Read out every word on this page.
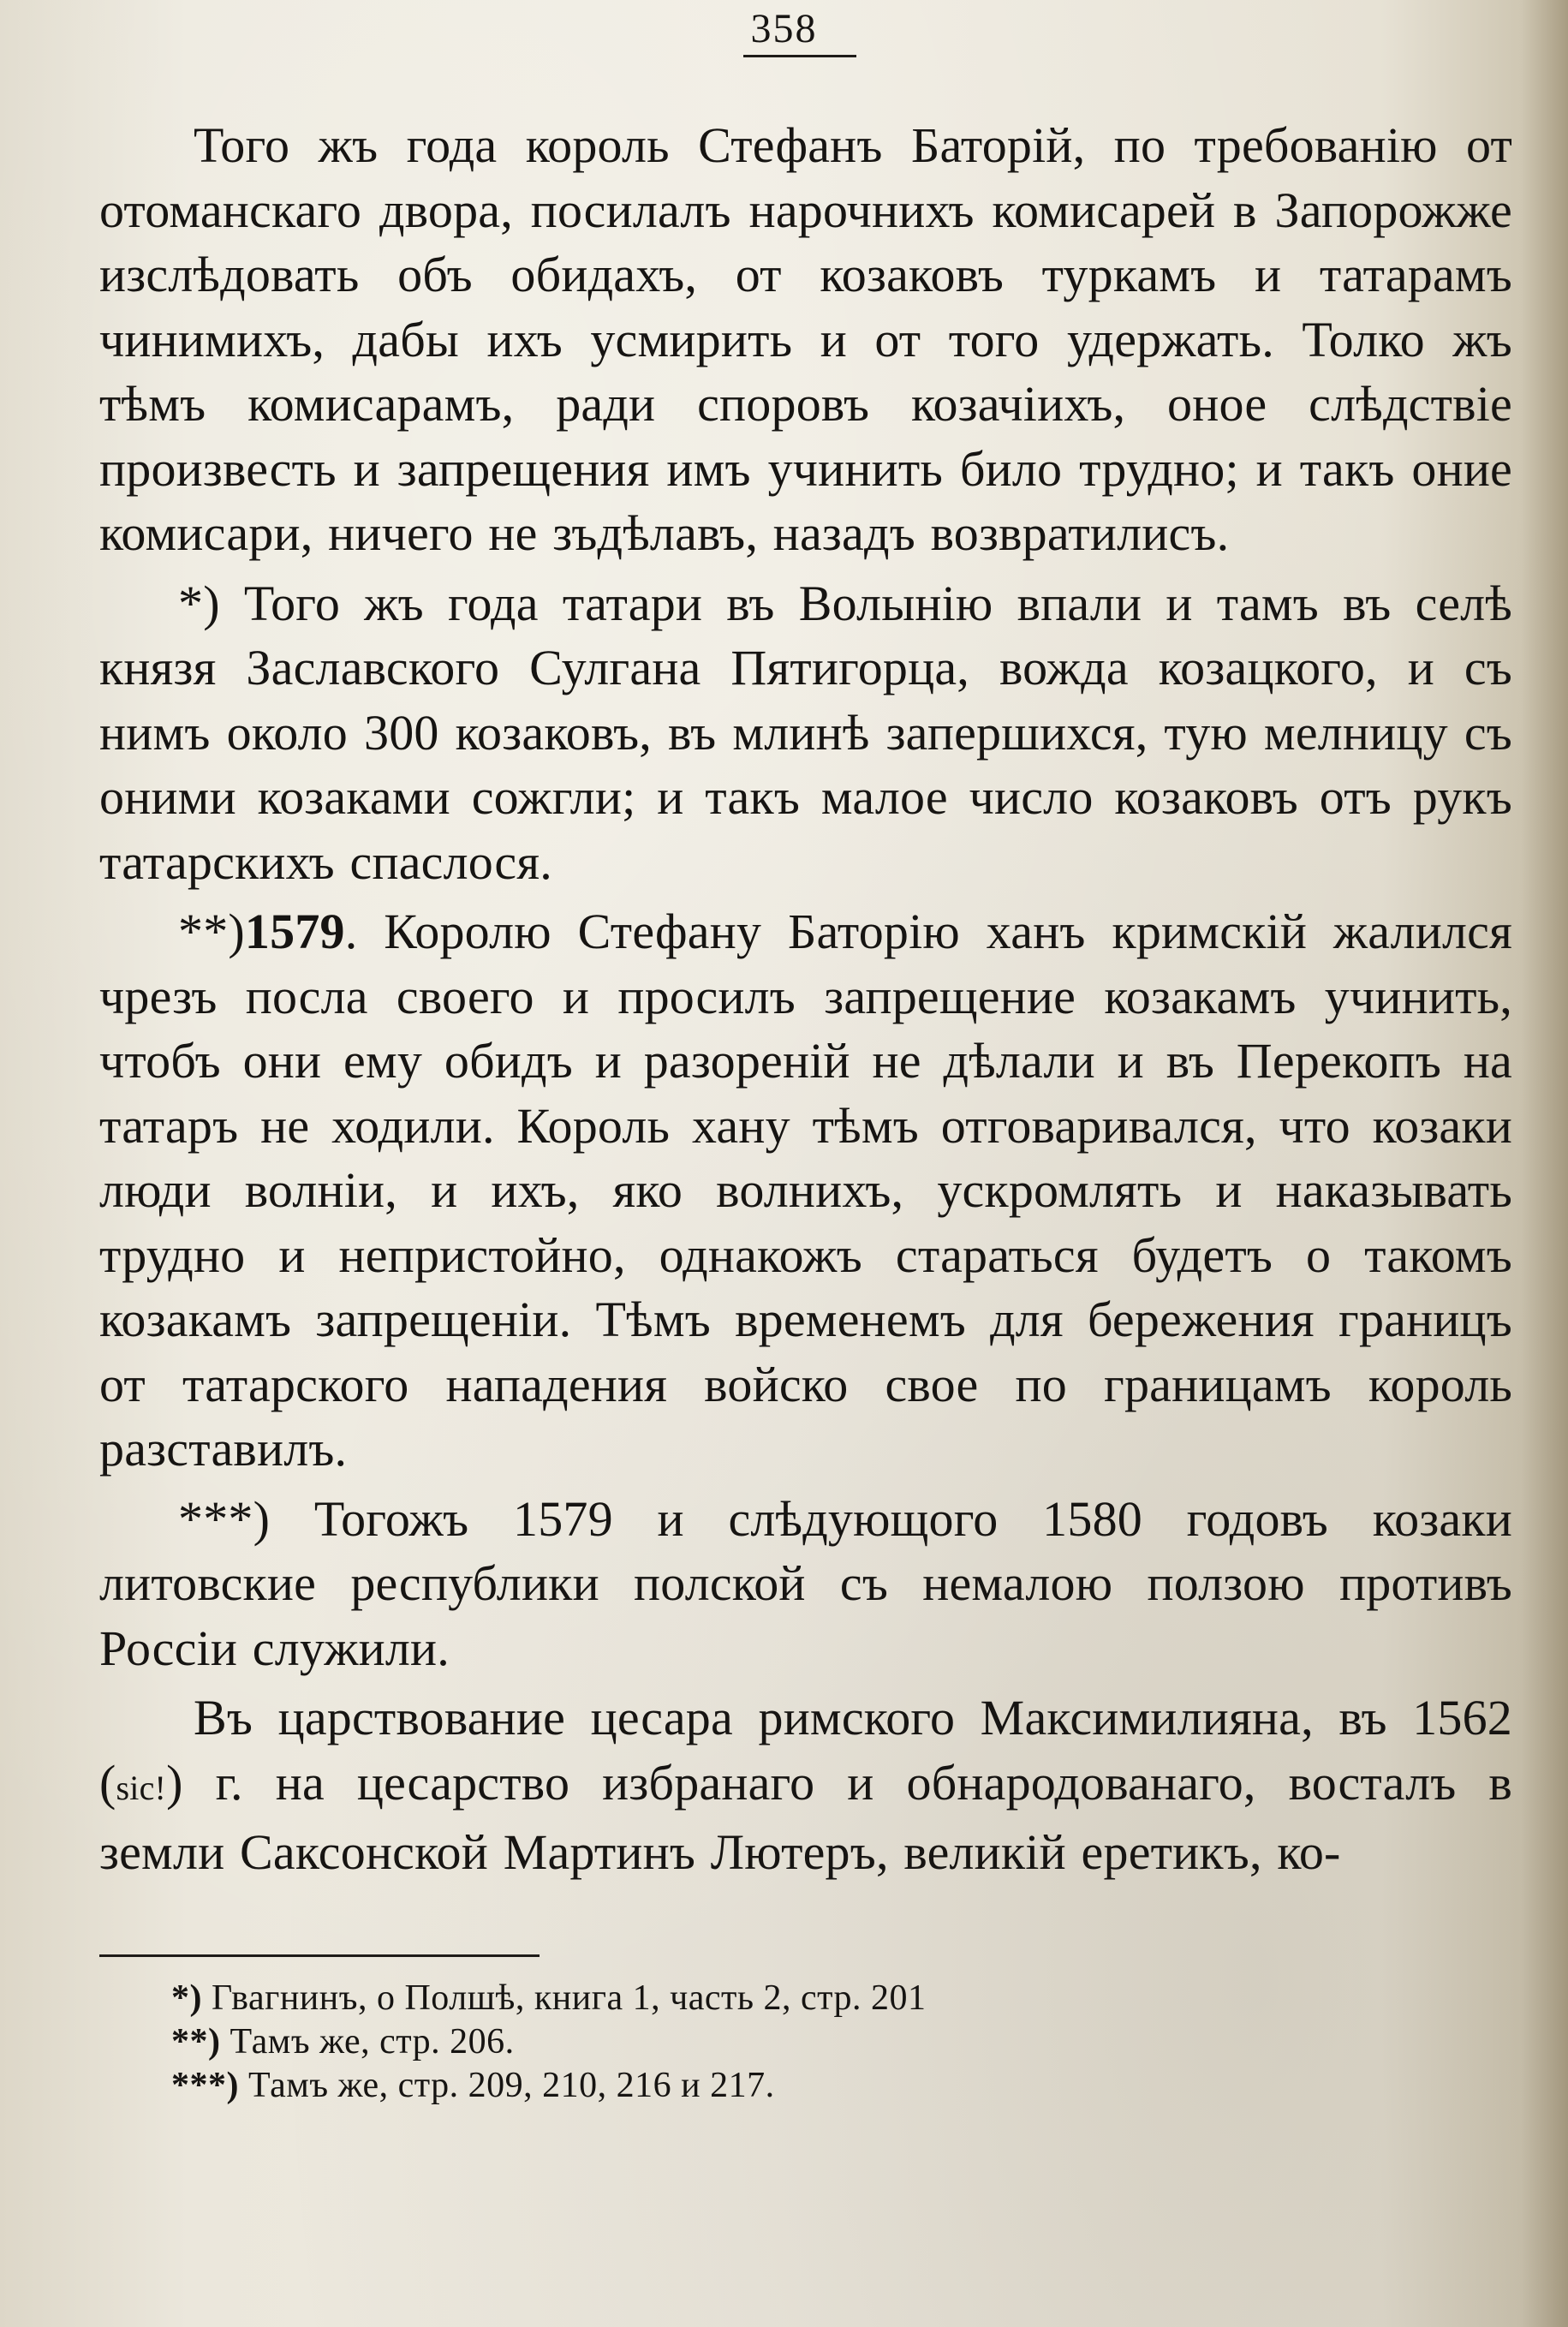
358

Того жъ года король Стефанъ Баторій, по требованію от отоманскаго двора, посилалъ нарочнихъ комисарей в Запорожже изслѣдовать объ обидахъ, от козаковъ туркамъ и татарамъ чинимихъ, дабы ихъ усмирить и от того удержать. Толко жъ тѣмъ комисарамъ, ради споровъ козачіихъ, оное слѣдствіе произвесть и запрещения имъ учинить било трудно; и такъ оние комисари, ничего не зъдѣлавъ, назадъ возвратилисъ.

*) Того жъ года татари въ Волынію впали и тамъ въ селѣ князя Заславского Сулгана Пятигорца, вожда козацкого, и съ нимъ около 300 козаковъ, въ млинѣ запершихся, тую мелницу съ оними козаками сожгли; и такъ малое число козаковъ отъ рукъ татарскихъ спаслося.

**)1579. Королю Стефану Баторію ханъ кримскій жалился чрезъ посла своего и просилъ запрещение козакамъ учинить, чтобъ они ему обидъ и разореній не дѣлали и въ Перекопъ на татаръ не ходили. Король хану тѣмъ отговаривался, что козаки люди волніи, и ихъ, яко волнихъ, ускромлять и наказывать трудно и непристойно, однакожъ стараться будетъ о такомъ козакамъ запрещеніи. Тѣмъ временемъ для бережения границъ от татарского нападения войско свое по границамъ король разставилъ.

***) Тогожъ 1579 и слѣдующого 1580 годовъ козаки литовские республики полской съ немалою ползою противъ Россіи служили.

Въ царствованиe цесара римского Максимилияна, въ 1562 (sic!) г. на цесарство избранаго и обнародованаго, восталъ в земли Саксонской Мартинъ Лютеръ, великій еретикъ, ко-

*) Гвагнинъ, о Полшѣ, книга 1, часть 2, стр. 201

**) Тамъ же, стр. 206.

***) Тамъ же, стр. 209, 210, 216 и 217.
